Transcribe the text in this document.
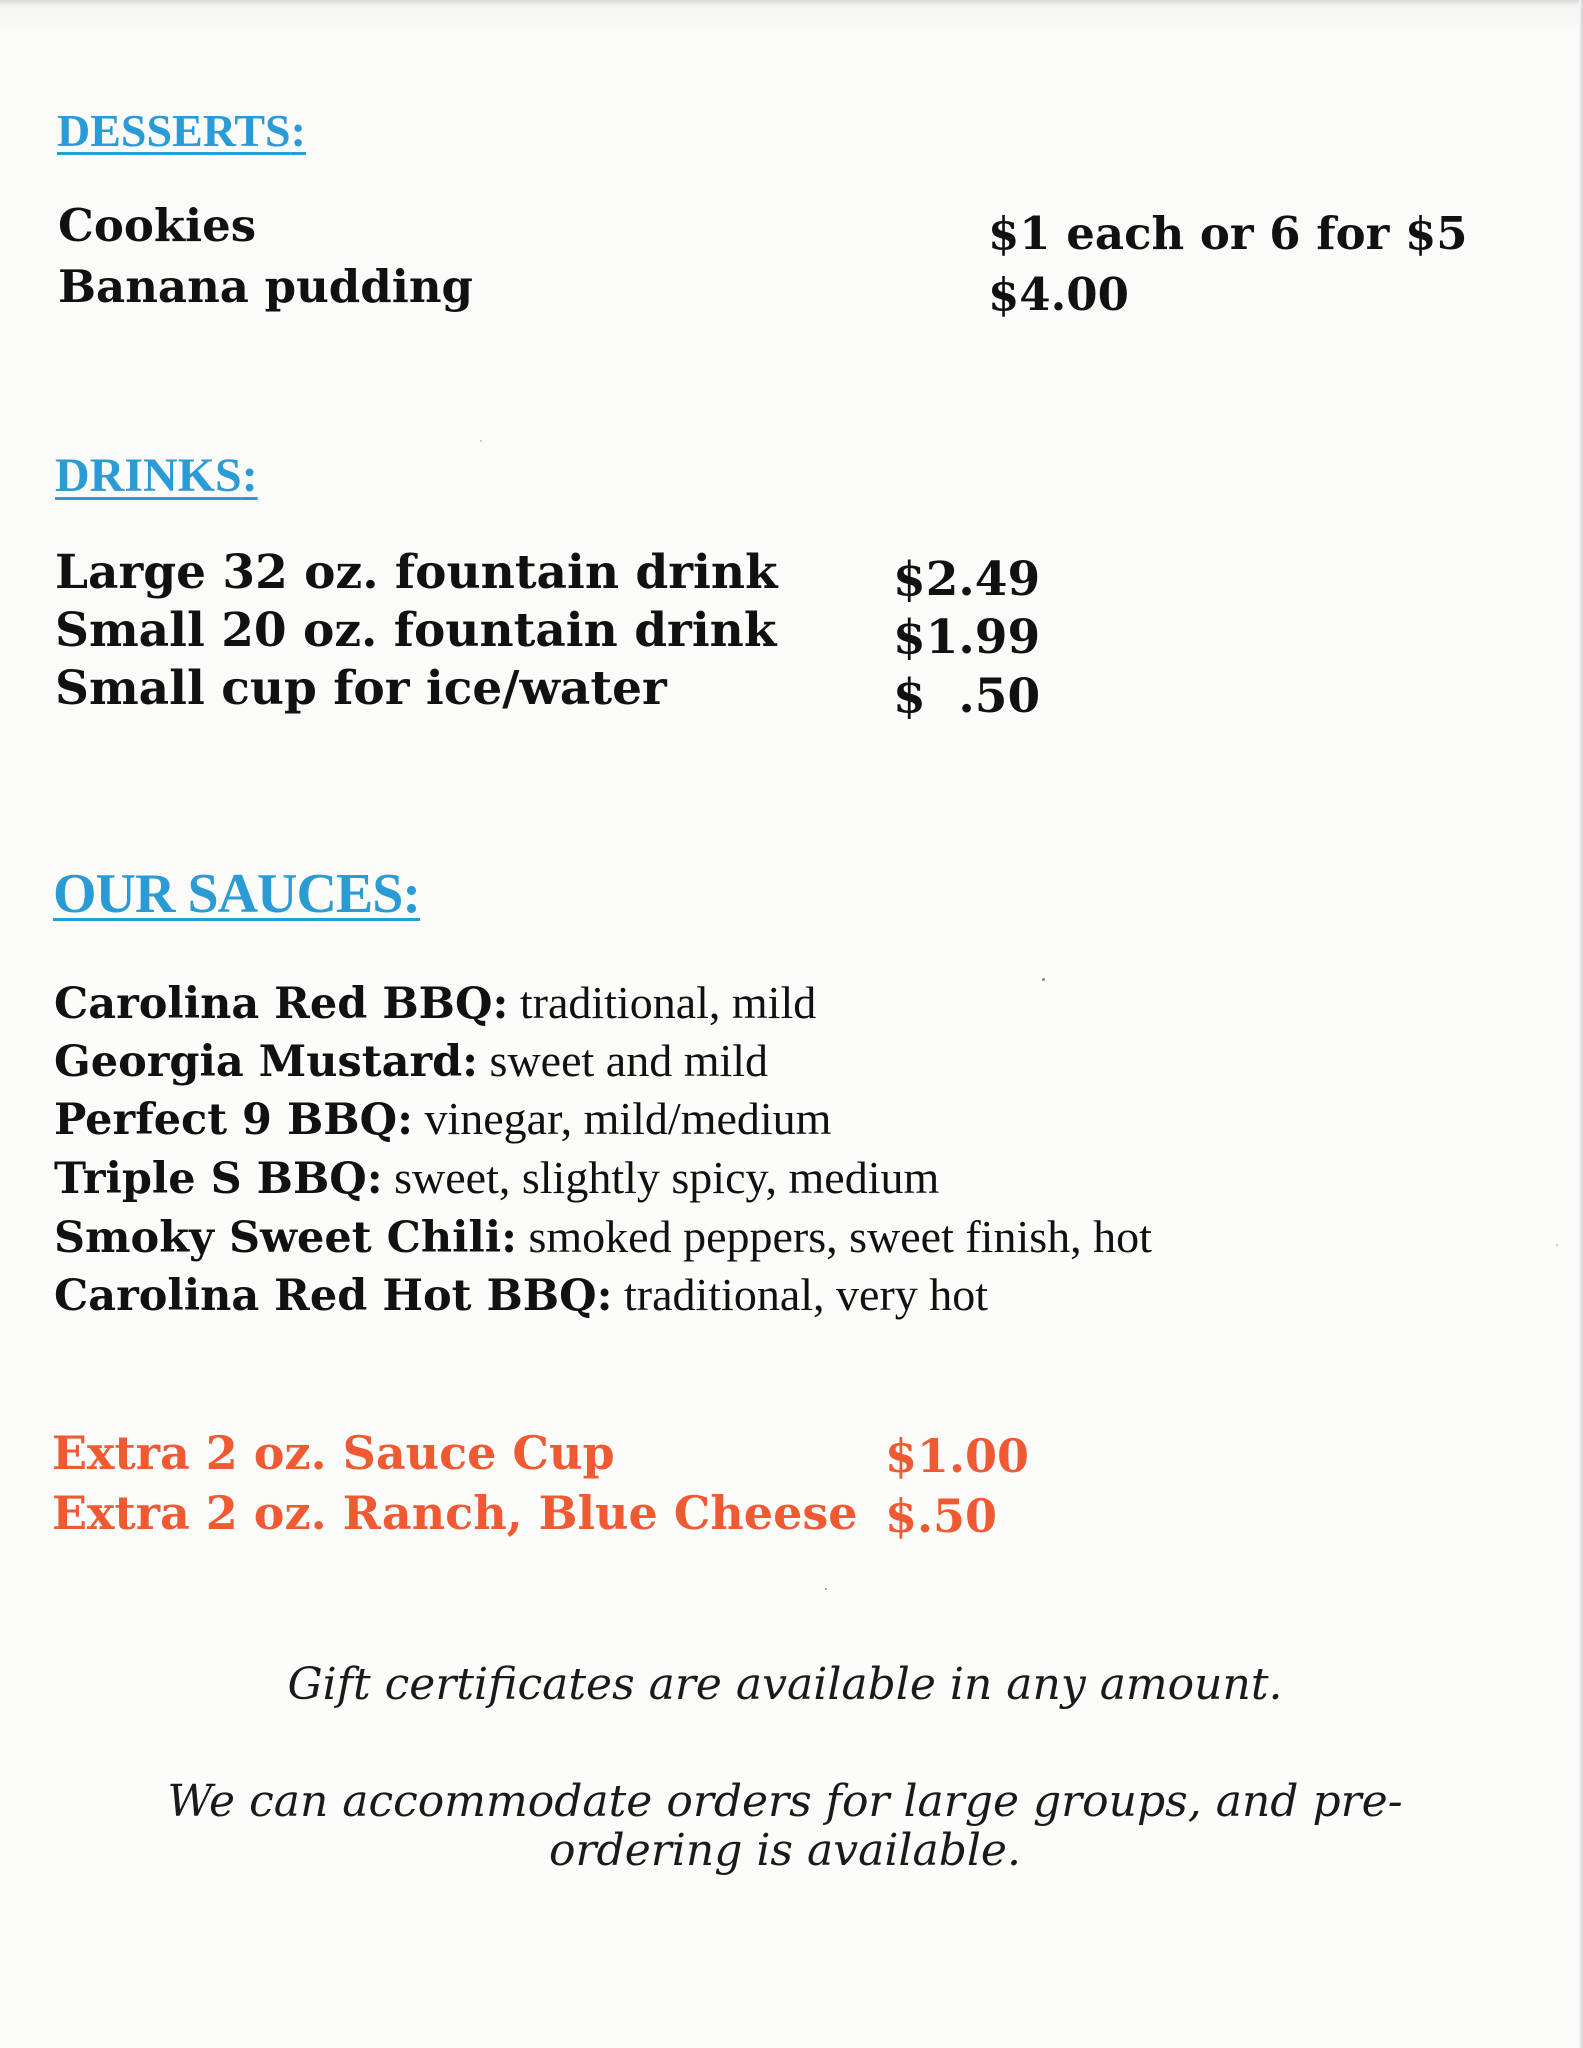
DESSERTS:
Cookies	$1 each or 6 for $5
Banana pudding	$4.00
DRINKS:
Large 32 oz. fountain drink $2.49
Small 20 oz. fountain drink $1.99
Small cup for ice/water	$  .50
OUR SAUCES:
Carolina Red BBQ: traditional, mild
Georgia Mustard: sweet and mild
Perfect 9 BBQ: vinegar, mild/medium
Triple S BBQ: sweet, slightly spicy, medium
Smoky Sweet Chili: smoked peppers, sweet finish, hot
Carolina Red Hot BBQ: traditional, very hot
Extra 2 oz. Sauce Cup	$1.00
Extra 2 oz. Ranch, Blue Cheese $.50
Gift certificates are available in any amount.
We can accommodate orders for large groups, and pre-ordering is available.
